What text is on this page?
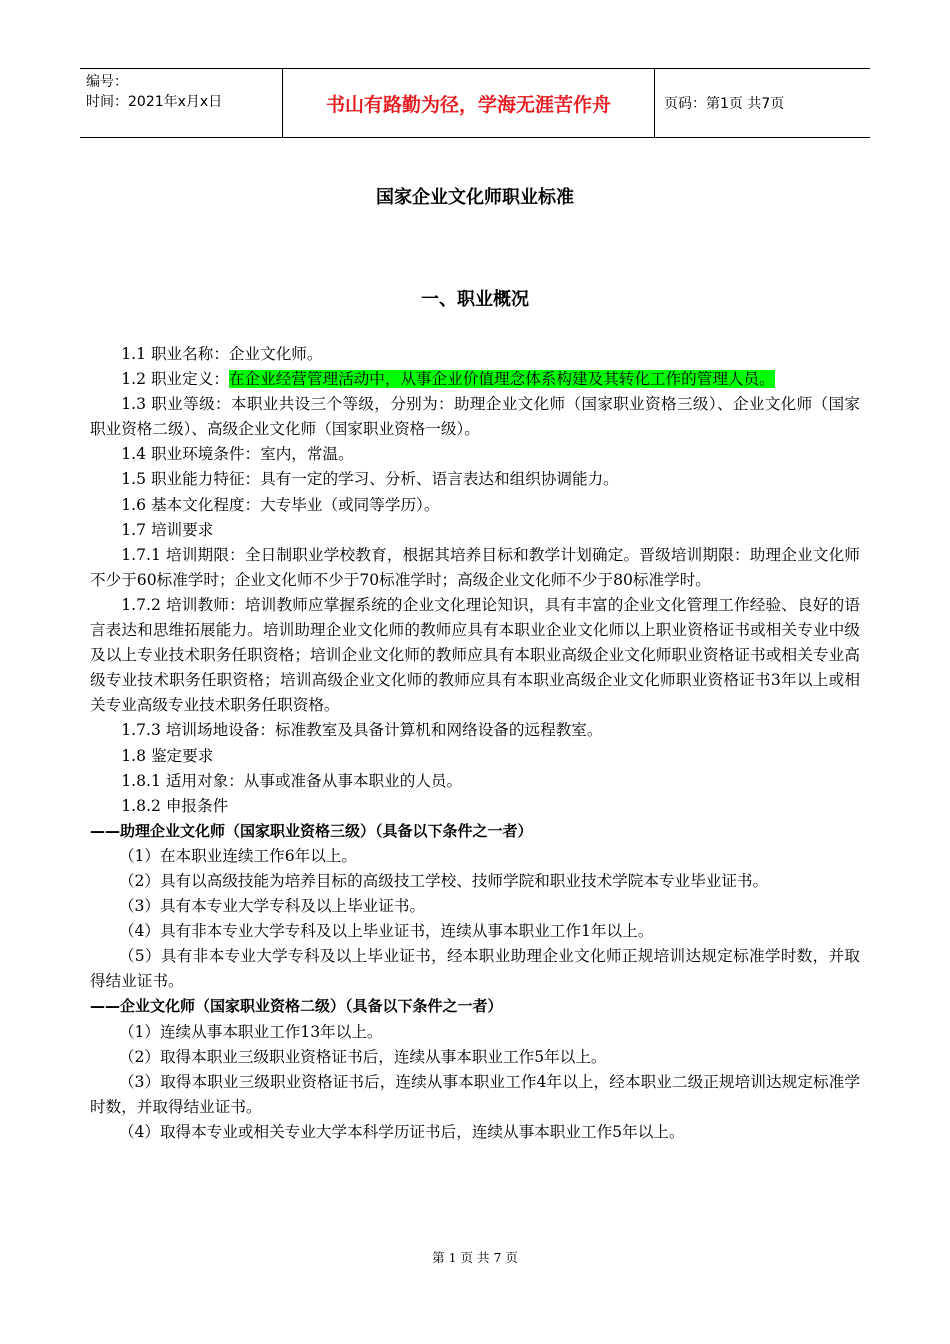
编号：
时间：2021年x月x日	书山有路勤为径，学海无涯苦作舟	页码：第1页 共7页
国家企业文化师职业标准
一、职业概况

1.1 职业名称：企业文化师。

1.2 职业定义：在企业经营管理活动中，从事企业价值理念体系构建及其转化工作的管理人员。

1.3 职业等级：本职业共设三个等级，分别为：助理企业文化师（国家职业资格三级）、企业文化师（国家职业资格二级）、高级企业文化师（国家职业资格一级）。

1.4 职业环境条件：室内，常温。

1.5 职业能力特征：具有一定的学习、分析、语言表达和组织协调能力。

1.6 基本文化程度：大专毕业（或同等学历）。

1.7 培训要求

1.7.1 培训期限：全日制职业学校教育，根据其培养目标和教学计划确定。晋级培训期限：助理企业文化师不少于60标准学时；企业文化师不少于70标准学时；高级企业文化师不少于80标准学时。

1.7.2 培训教师：培训教师应掌握系统的企业文化理论知识，具有丰富的企业文化管理工作经验、良好的语言表达和思维拓展能力。培训助理企业文化师的教师应具有本职业企业文化师以上职业资格证书或相关专业中级及以上专业技术职务任职资格；培训企业文化师的教师应具有本职业高级企业文化师职业资格证书或相关专业高级专业技术职务任职资格；培训高级企业文化师的教师应具有本职业高级企业文化师职业资格证书3年以上或相关专业高级专业技术职务任职资格。

1.7.3 培训场地设备：标准教室及具备计算机和网络设备的远程教室。

1.8 鉴定要求

1.8.1 适用对象：从事或准备从事本职业的人员。

1.8.2 申报条件

——助理企业文化师（国家职业资格三级）（具备以下条件之一者）

（1）在本职业连续工作6年以上。

（2）具有以高级技能为培养目标的高级技工学校、技师学院和职业技术学院本专业毕业证书。

（3）具有本专业大学专科及以上毕业证书。

（4）具有非本专业大学专科及以上毕业证书，连续从事本职业工作1年以上。

（5）具有非本专业大学专科及以上毕业证书，经本职业助理企业文化师正规培训达规定标准学时数，并取得结业证书。

——企业文化师（国家职业资格二级）（具备以下条件之一者）

（1）连续从事本职业工作13年以上。

（2）取得本职业三级职业资格证书后，连续从事本职业工作5年以上。

（3）取得本职业三级职业资格证书后，连续从事本职业工作4年以上，经本职业二级正规培训达规定标准学时数，并取得结业证书。

（4）取得本专业或相关专业大学本科学历证书后，连续从事本职业工作5年以上。

第 1 页 共 7 页
